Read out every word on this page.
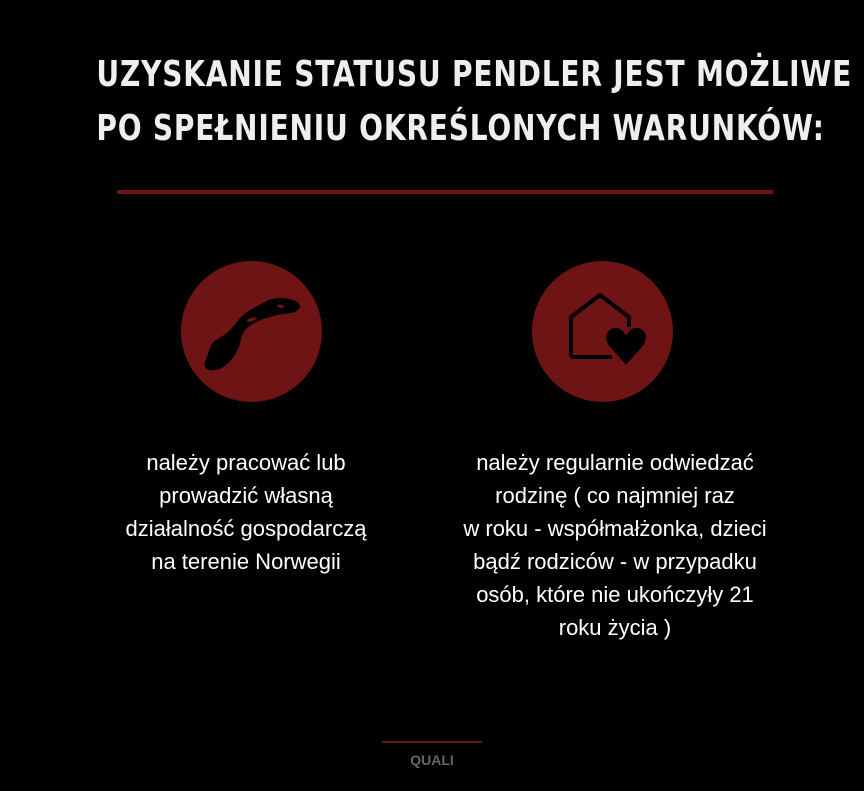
UZYSKANIE STATUSU PENDLER JEST MOŻLIWE
PO SPEŁNIENIU OKREŚLONYCH WARUNKÓW:
należy pracować lub
prowadzić własną
działalność gospodarczą
na terenie Norwegii
należy regularnie odwiedzać
rodzinę ( co najmniej raz
w roku - współmałżonka, dzieci
bądź rodziców - w przypadku
osób, które nie ukończyły 21
roku życia )
QUALI
